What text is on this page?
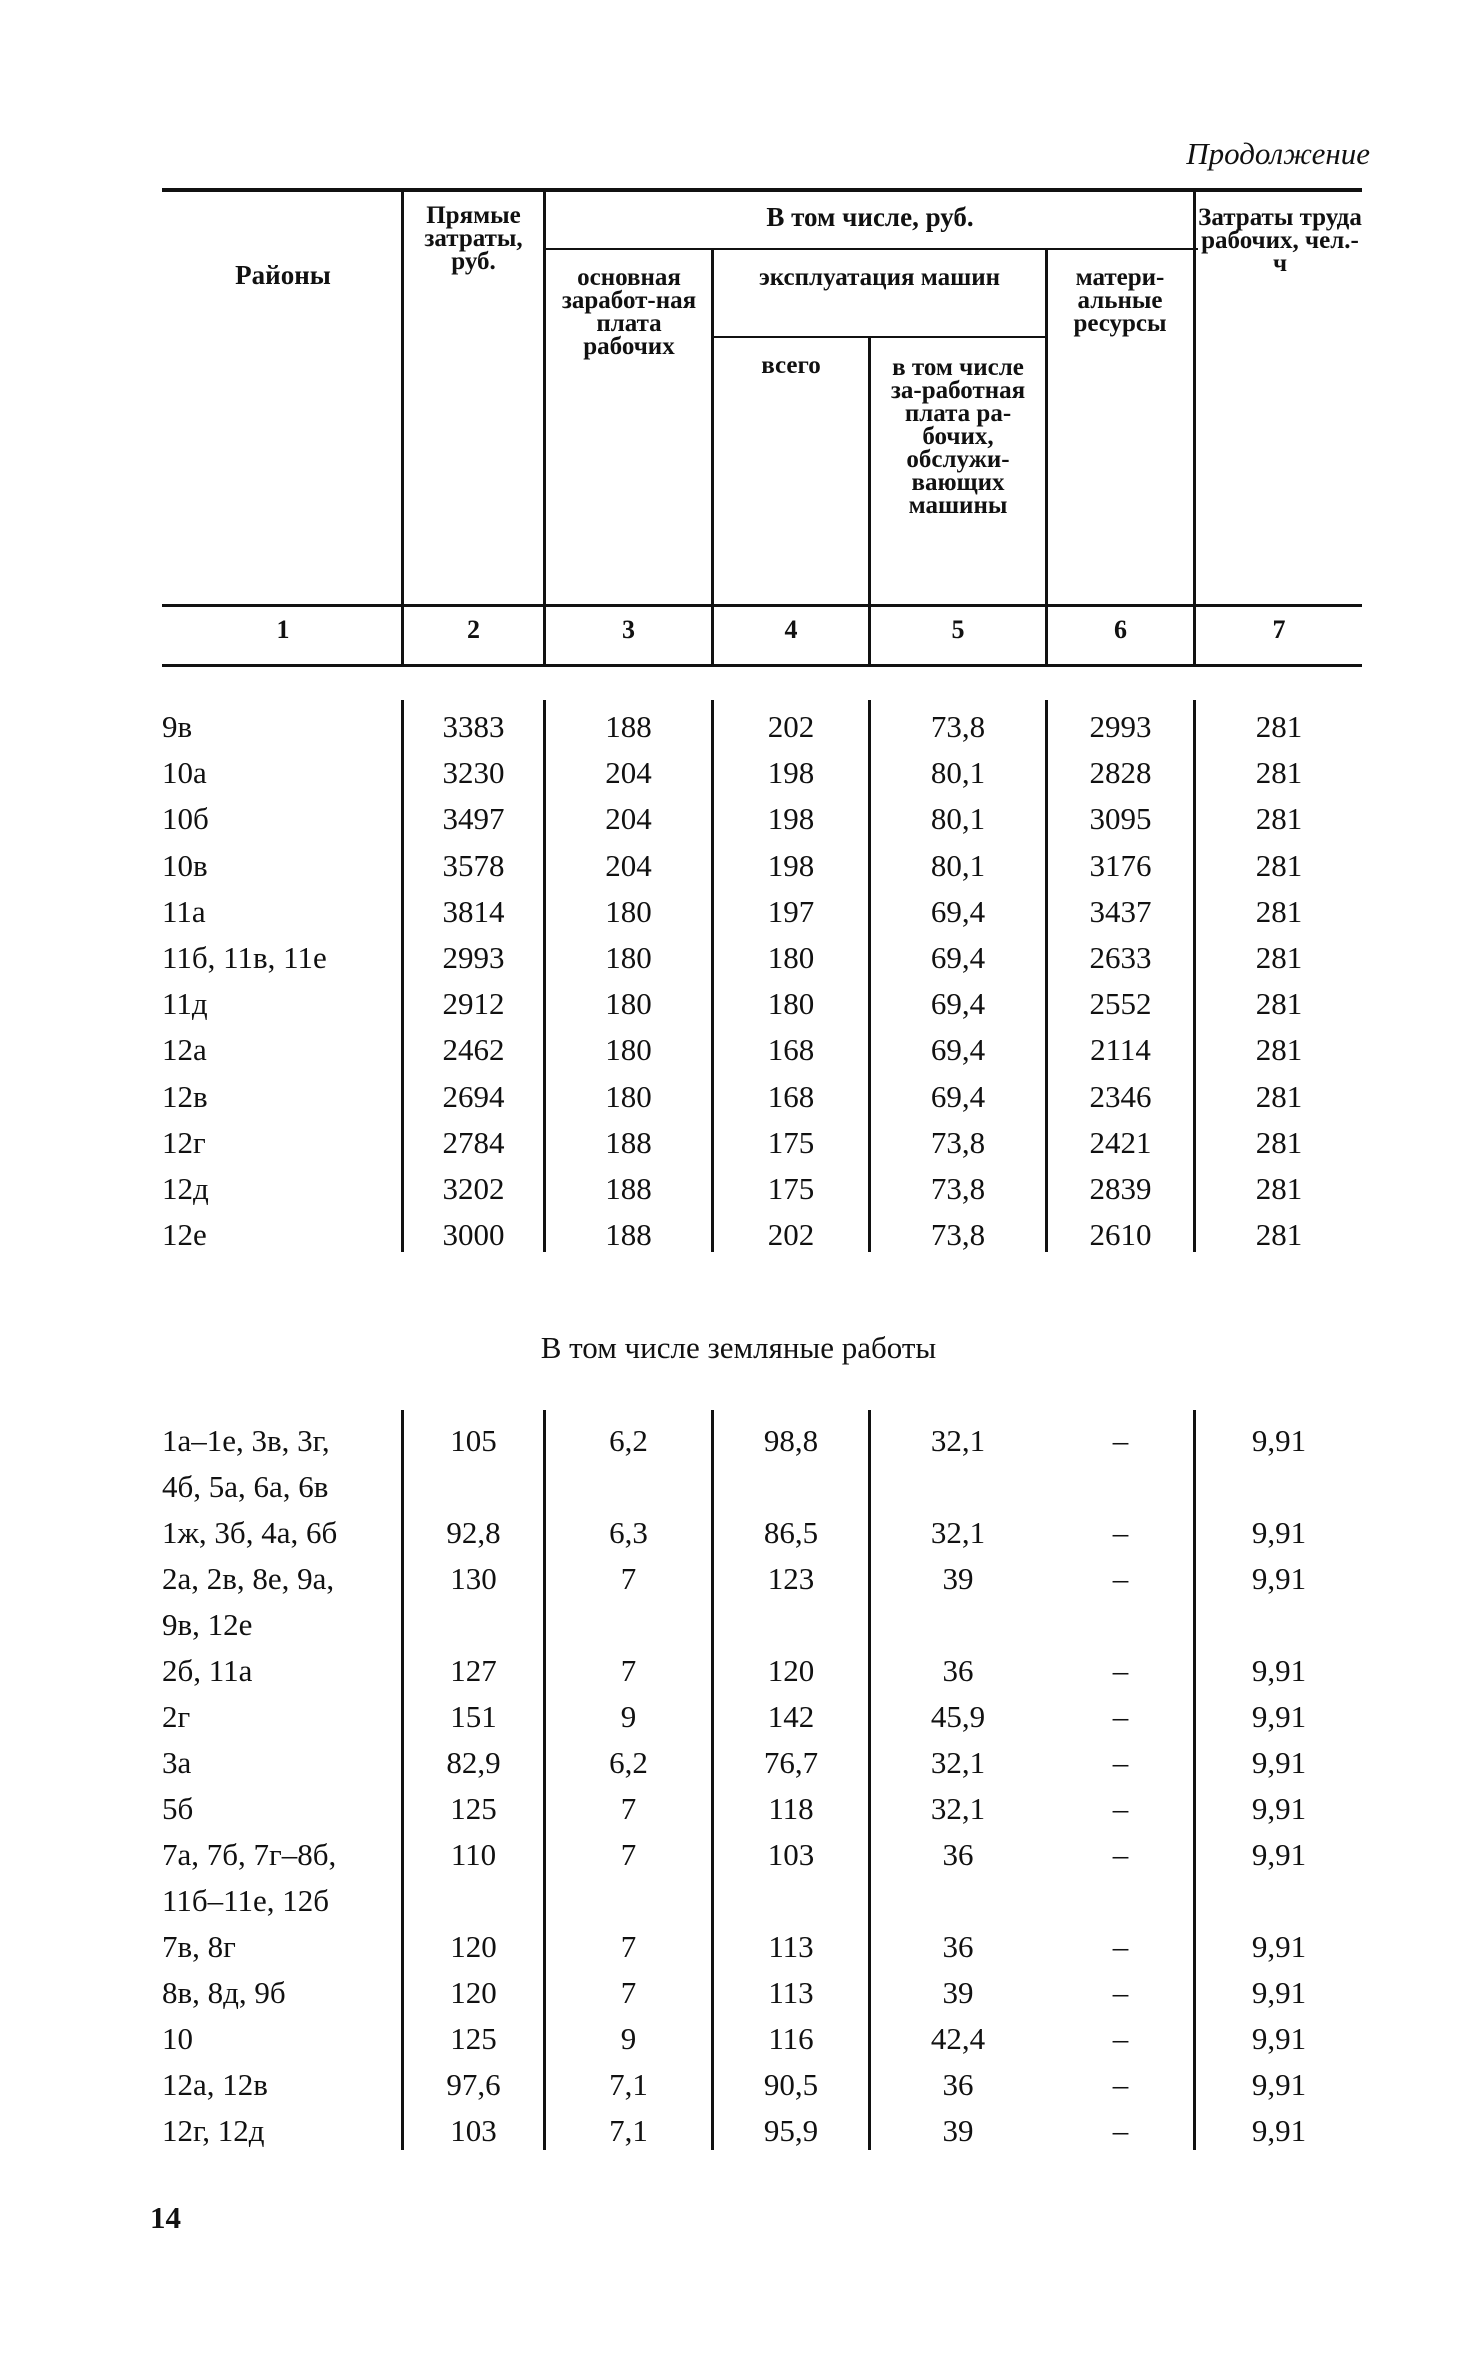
Продолжение
Районы
Прямые затраты, руб.
В том числе, руб.
основная заработ-ная плата рабочих
эксплуатация машин
всего	в том числе за-работная плата ра-бочих, обслужи-вающих машины
матери-альные ресурсы
Затраты труда рабочих, чел.-ч
1	2	3	4	5	6	7
9в	3383	188	202	73,8	2993	281
10а	3230	204	198	80,1	2828	281
10б	3497	204	198	80,1	3095	281
10в	3578	204	198	80,1	3176	281
11а	3814	180	197	69,4	3437	281
11б, 11в, 11е	2993	180	180	69,4	2633	281
11д	2912	180	180	69,4	2552	281
12а	2462	180	168	69,4	2114	281
12в	2694	180	168	69,4	2346	281
12г	2784	188	175	73,8	2421	281
12д	3202	188	175	73,8	2839	281
12е	3000	188	202	73,8	2610	281
В том числе земляные работы
1а–1е, 3в, 3г,	105	6,2	98,8	32,1	–	9,91
4б, 5а, 6а, 6в
1ж, 3б, 4а, 6б	92,8	6,3	86,5	32,1	–	9,91
2а, 2в, 8е, 9а,	130	7	123	39	–	9,91
9в, 12е
2б, 11а	127	7	120	36	–	9,91
2г	151	9	142	45,9	–	9,91
3а	82,9	6,2	76,7	32,1	–	9,91
5б	125	7	118	32,1	–	9,91
7а, 7б, 7г–8б,	110	7	103	36	–	9,91
11б–11е, 12б
7в, 8г	120	7	113	36	–	9,91
8в, 8д, 9б	120	7	113	39	–	9,91
10	125	9	116	42,4	–	9,91
12а, 12в	97,6	7,1	90,5	36	–	9,91
12г, 12д	103	7,1	95,9	39	–	9,91
14
